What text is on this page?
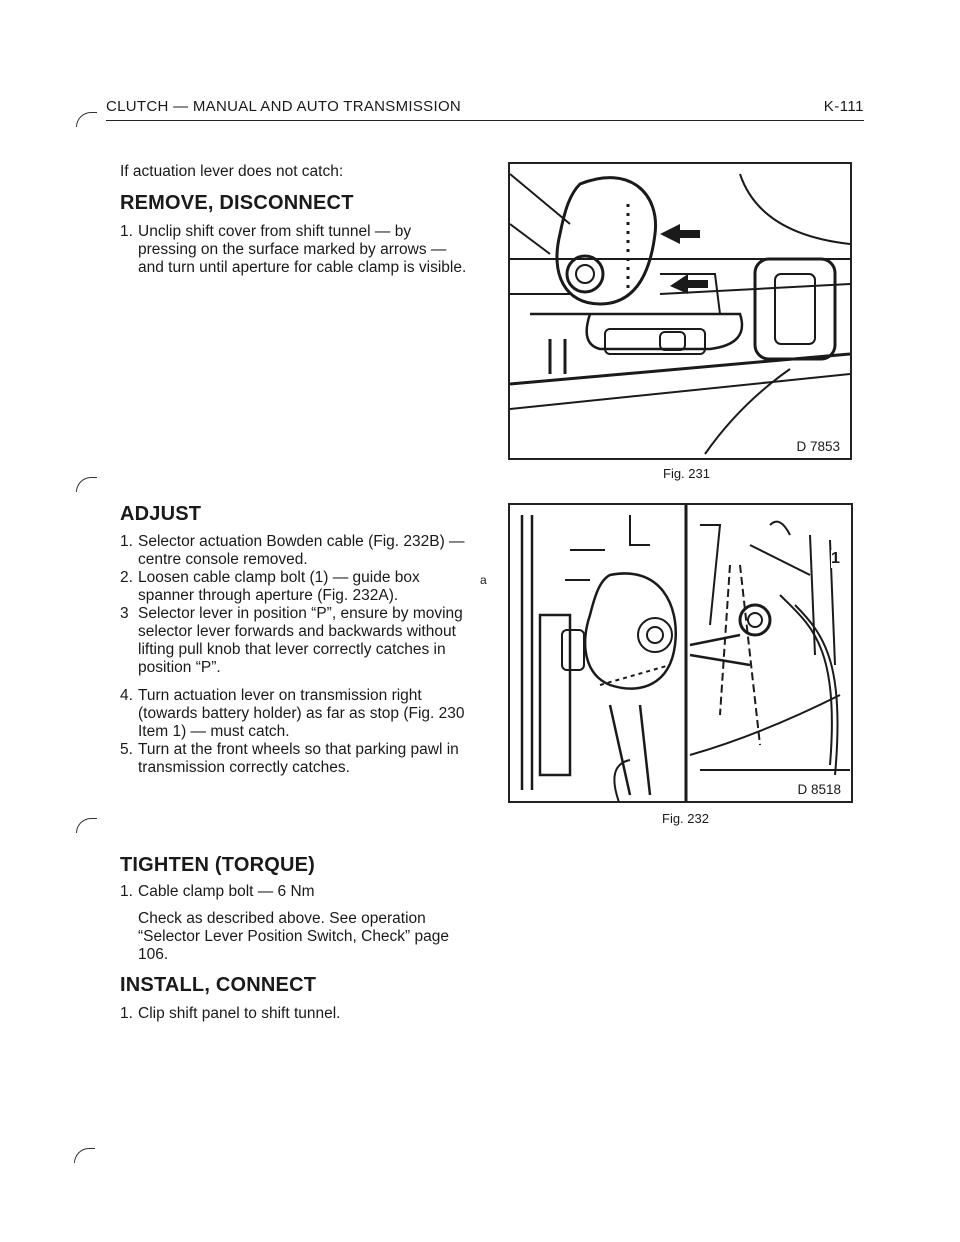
CLUTCH — MANUAL AND AUTO TRANSMISSION	K-111
If actuation lever does not catch:
REMOVE, DISCONNECT
1. Unclip shift cover from shift tunnel — by pressing on the surface marked by arrows — and turn until aperture for cable clamp is visible.
ADJUST
1. Selector actuation Bowden cable (Fig. 232B) — centre console removed.
2. Loosen cable clamp bolt (1) — guide box spanner through aperture (Fig. 232A).
3 Selector lever in position “P”, ensure by moving selector lever forwards and backwards without lifting pull knob that lever correctly catches in position “P”.
4. Turn actuation lever on transmission right (towards battery holder) as far as stop (Fig. 230 Item 1) — must catch.
5. Turn at the front wheels so that parking pawl in transmission correctly catches.
TIGHTEN (TORQUE)
1. Cable clamp bolt — 6 Nm
Check as described above. See operation “Selector Lever Position Switch, Check” page 106.
INSTALL, CONNECT
1. Clip shift panel to shift tunnel.
D 7853
Fig. 231
a
1
D 8518
Fig. 232
